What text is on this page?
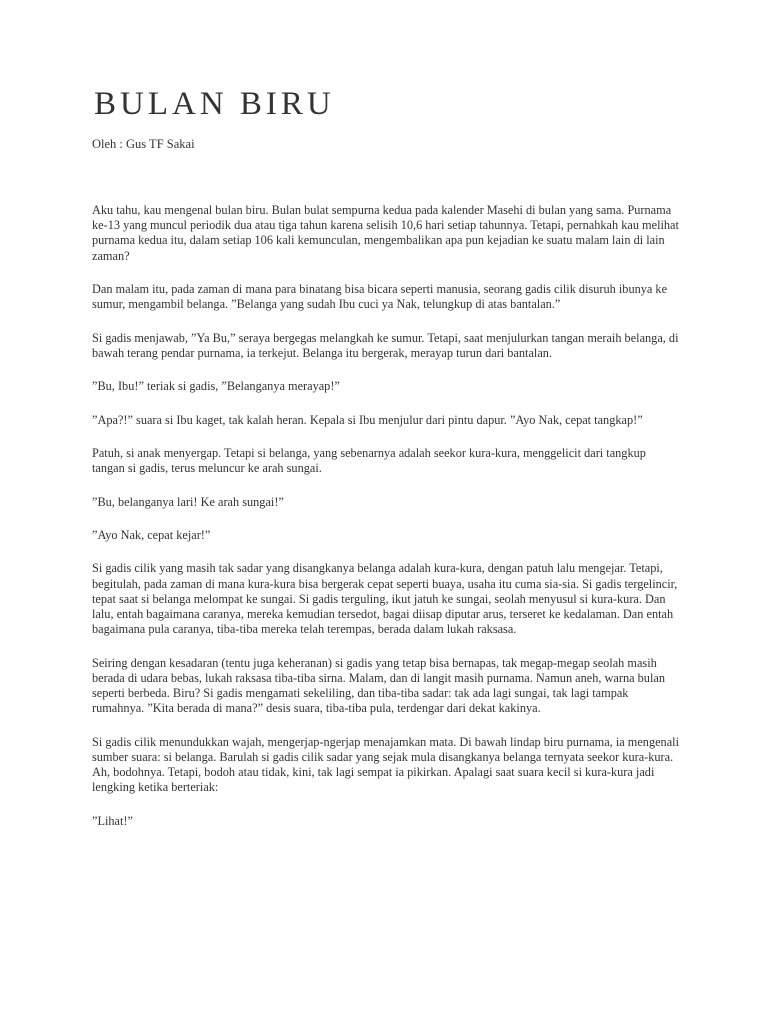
BULAN BIRU

Oleh : Gus TF Sakai

Aku tahu, kau mengenal bulan biru. Bulan bulat sempurna kedua pada kalender Masehi di bulan yang sama. Purnama ke-13 yang muncul periodik dua atau tiga tahun karena selisih 10,6 hari setiap tahunnya. Tetapi, pernahkah kau melihat purnama kedua itu, dalam setiap 106 kali kemunculan, mengembalikan apa pun kejadian ke suatu malam lain di lain zaman?

Dan malam itu, pada zaman di mana para binatang bisa bicara seperti manusia, seorang gadis cilik disuruh ibunya ke sumur, mengambil belanga. ”Belanga yang sudah Ibu cuci ya Nak, telungkup di atas bantalan.”

Si gadis menjawab, ”Ya Bu,” seraya bergegas melangkah ke sumur. Tetapi, saat menjulurkan tangan meraih belanga, di bawah terang pendar purnama, ia terkejut. Belanga itu bergerak, merayap turun dari bantalan.

”Bu, Ibu!” teriak si gadis, ”Belanganya merayap!”

”Apa?!” suara si Ibu kaget, tak kalah heran. Kepala si Ibu menjulur dari pintu dapur. ”Ayo Nak, cepat tangkap!”

Patuh, si anak menyergap. Tetapi si belanga, yang sebenarnya adalah seekor kura-kura, menggelicit dari tangkup tangan si gadis, terus meluncur ke arah sungai.

”Bu, belanganya lari! Ke arah sungai!”

”Ayo Nak, cepat kejar!”

Si gadis cilik yang masih tak sadar yang disangkanya belanga adalah kura-kura, dengan patuh lalu mengejar. Tetapi, begitulah, pada zaman di mana kura-kura bisa bergerak cepat seperti buaya, usaha itu cuma sia-sia. Si gadis tergelincir, tepat saat si belanga melompat ke sungai. Si gadis terguling, ikut jatuh ke sungai, seolah menyusul si kura-kura. Dan lalu, entah bagaimana caranya, mereka kemudian tersedot, bagai diisap diputar arus, terseret ke kedalaman. Dan entah bagaimana pula caranya, tiba-tiba mereka telah terempas, berada dalam lukah raksasa.

Seiring dengan kesadaran (tentu juga keheranan) si gadis yang tetap bisa bernapas, tak megap-megap seolah masih berada di udara bebas, lukah raksasa tiba-tiba sirna. Malam, dan di langit masih purnama. Namun aneh, warna bulan seperti berbeda. Biru? Si gadis mengamati sekeliling, dan tiba-tiba sadar: tak ada lagi sungai, tak lagi tampak rumahnya. ”Kita berada di mana?” desis suara, tiba-tiba pula, terdengar dari dekat kakinya.

Si gadis cilik menundukkan wajah, mengerjap-ngerjap menajamkan mata. Di bawah lindap biru purnama, ia mengenali sumber suara: si belanga. Barulah si gadis cilik sadar yang sejak mula disangkanya belanga ternyata seekor kura-kura. Ah, bodohnya. Tetapi, bodoh atau tidak, kini, tak lagi sempat ia pikirkan. Apalagi saat suara kecil si kura-kura jadi lengking ketika berteriak:

”Lihat!”
